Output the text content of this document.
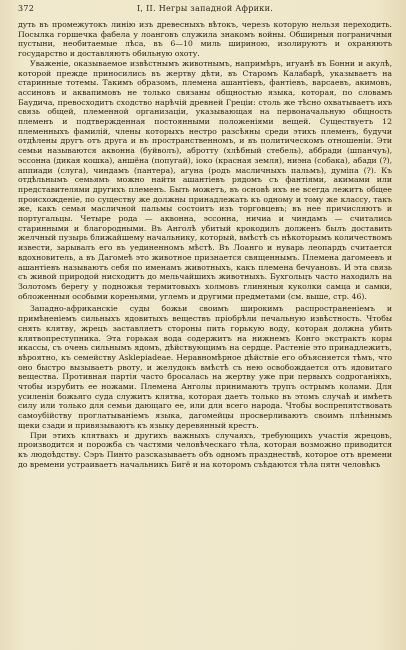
372	I, II. Негры западной Африки.

дуть въ промежутокъ линію изъ древесныхъ вѣтокъ, черезъ которую нельзя переходить. Посылка горшечка фабела у лоанговъ служила знакомъ войны. Обширныя пограничныя пустыни, необитаемые лѣса, въ 6—10 миль шириною, изолируютъ и охраняютъ государство и доставляютъ обильную охоту.

Уваженіе, оказываемое извѣстнымъ животнымъ, напримѣръ, игуанѣ въ Бонни и акулѣ, которой прежде приносились въ жертву дѣти, въ Старомъ Калабарѣ, указываетъ на старинные тотемы. Такимъ образомъ, племена ашантіевъ, фантіевъ, варсаевъ, акимовъ, ассиновъ и аквапимовъ не только связаны общностью языка, которая, по словамъ Бaудича, превосходитъ сходство нарѣчій древней Греціи: столь же тѣсно охватываетъ ихъ связь общей, племенной организаціи, указывающая на первоначальную общность племенъ и подтвержденная постоянными положеніями вещей. Существуетъ 12 племенныхъ фамилій, члены которыхъ нестро разсѣяны среди этихъ племенъ, будучи отдѣлены другъ отъ друга и въ пространственномъ, и въ политическомъ отношеніи. Эти семьи называются аквонна (буйволъ), абротту (хлѣбный стебель), аббради (шпанчуъ), эссонна (дикая кошка), аншёна (попугай), іоко (красная земля), ниэна (собака), абади (?), аппиади (слуга), чиндамъ (пантера), агуна (родъ масличныхъ пальмъ), думіпа (?). Къ отдѣльнымъ семьямъ можно найти ашантіевъ рядомъ съ фантіями, акимами или представителями другихъ племенъ. Быть можетъ, въ основѣ ихъ не всегда лежитъ общее происхожденіе, по существу же должны принадлежать къ одному и тому же классу, такъ же, какъ семья масличной пальмы состоитъ изъ торговцевъ; въ нее причисляютъ и португальцы. Четыре рода — аквонна, эссонна, ничиа и чиндамъ — считались старинными и благородными. Въ Анголѣ убитый крокодилъ долженъ былъ доставить желчный пузырь ближайшему начальнику, который, вмѣстѣ съ нѣкоторымъ количествомъ извести, зарывалъ его въ уединенномъ мѣстѣ. Въ Лоанго и нуварь леопардъ считается вдохновитель, а въ Дагомеѣ это животное признается священнымъ. Племена дагомеевъ и ашантіевъ называютъ себя по именамъ животныхъ, какъ племена бечуановъ. И эта связь съ живой природой нисходитъ до мельчайшихъ животныхъ. Бухгольцъ часто находилъ на Золотомъ берегу у подножья термитовыхъ холмовъ глиняныя куколки самца и самки, обложенныя особыми кореньями, углемъ и другими предметами (см. выше, стр. 46).

Западно-африканскіе суды божьи своимъ широкимъ распространеніемъ и примѣненіемъ сильныхъ ядовитыхъ веществъ пріобрѣли печальную извѣстность. Чтобы снять клятву, жрецъ заставляетъ стороны пить горькую воду, которая должна убить клятвопреступника. Эта горькая вода содержитъ на нижнемъ Конго экстрактъ коры икассы, съ очень сильнымъ ядомъ, дѣйствующимъ на сердце. Растеніе это принадлежитъ, вѣроятно, къ семейству Asklepiadeae. Неравномѣрное дѣйствіе его объясняется тѣмъ, что оно быстро вызываетъ рвоту, и желудокъ вмѣстѣ съ нею освобождается отъ ядовитаго вещества. Противная партія часто бросалась на жертву уже при первыхъ содроганіяхъ, чтобы изрубить ее ножами. Племена Анголы принимаютъ трупъ острымъ колами. Для усиленія божьяго суда служитъ клятва, которая даетъ только въ этомъ случаѣ и имѣетъ силу или только для семьи дающаго ее, или для всего народа. Чтобы воспрепятствовать самоубійству проглатываніемъ языка, дагомейцы просверливаютъ своимъ плѣннымъ щеки сзади и привязываютъ къ языку деревянный крестъ.

При этихъ клятвахъ и другихъ важныхъ случаяхъ, требующихъ участія жрецовъ, производится и порожба съ частями человѣческаго тѣла, которая возможно приводится къ людоѣдству. Сэръ Пинто разсказываетъ объ одномъ празднествѣ, которое отъ времени до времени устраиваетъ начальникъ Бигё и на которомъ съѣдаются тѣла пятн человѣкъ
